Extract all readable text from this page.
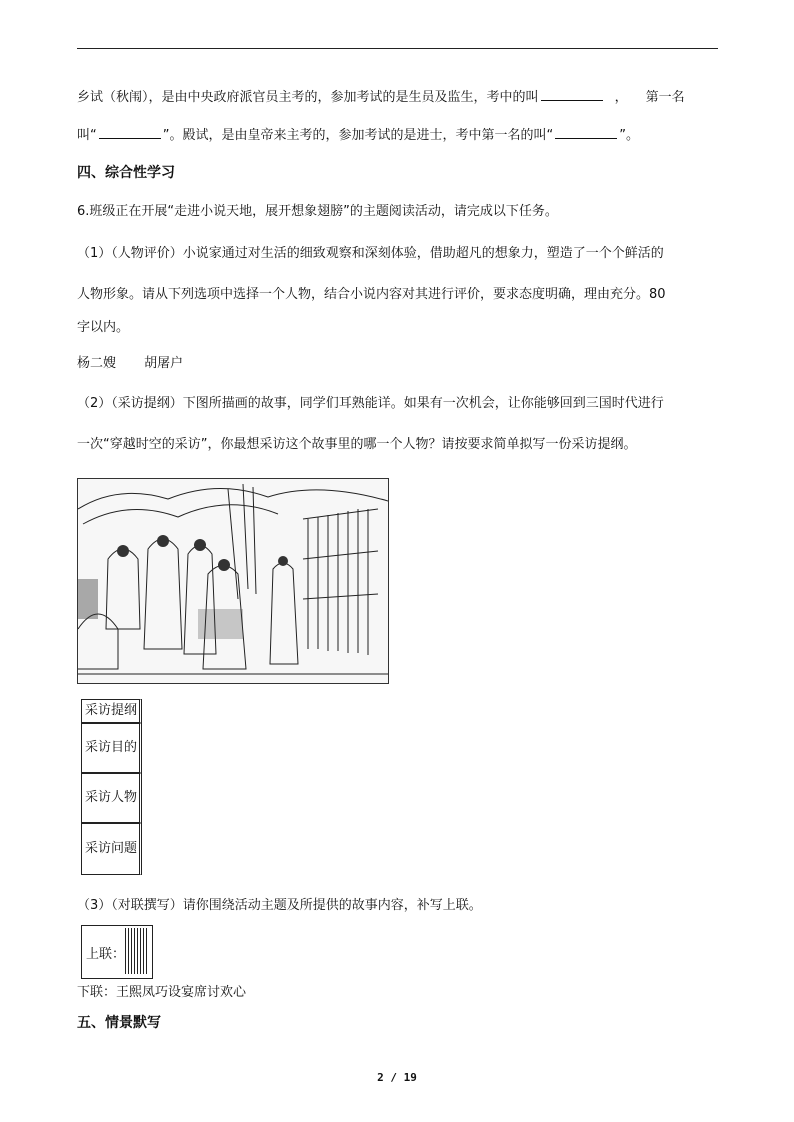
乡试（秋闱），是由中央政府派官员主考的，参加考试的是生员及监生，考中的叫	， 第一名
叫“	”。殿试，是由皇帝来主考的，参加考试的是进士，考中第一名的叫“	”。
四、综合性学习
6.班级正在开展“走进小说天地，展开想象翅膀”的主题阅读活动，请完成以下任务。
（1）（人物评价）小说家通过对生活的细致观察和深刻体验，借助超凡的想象力，塑造了一个个鲜活的
人物形象。请从下列选项中选择一个人物，结合小说内容对其进行评价，要求态度明确，理由充分。80
字以内。
杨二嫂 胡屠户
（2）（采访提纲）下图所描画的故事，同学们耳熟能详。如果有一次机会，让你能够回到三国时代进行
一次“穿越时空的采访”，你最想采访这个故事里的哪一个人物？请按要求简单拟写一份采访提纲。
采访提纲
采访目的
采访人物
采访问题
（3）（对联撰写）请你围绕活动主题及所提供的故事内容，补写上联。
上联：
下联：王熙凤巧设宴席讨欢心
五、情景默写
2 / 19
